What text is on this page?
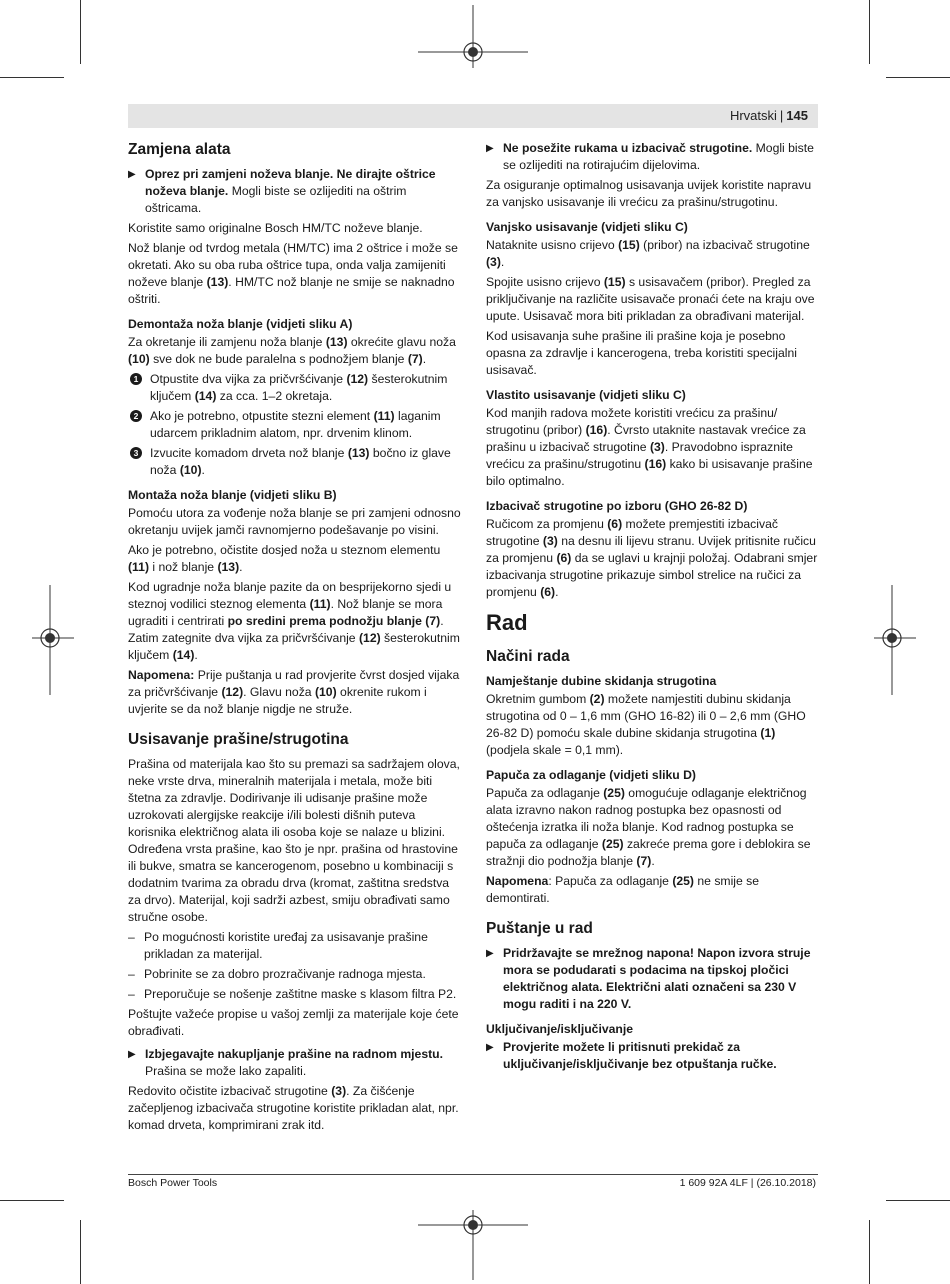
Hrvatski | 145
Zamjena alata

▶ Oprez pri zamjeni noževa blanje. Ne dirajte oštrice noževa blanje. Mogli biste se ozlijediti na oštrim oštricama.

Koristite samo originalne Bosch HM/TC noževe blanje.

Nož blanje od tvrdog metala (HM/TC) ima 2 oštrice i može se okretati. Ako su oba ruba oštrice tupa, onda valja zamijeniti noževe blanje (13). HM/TC nož blanje ne smije se naknadno oštriti.

Demontaža noža blanje (vidjeti sliku A)

Za okretanje ili zamjenu noža blanje (13) okrećite glavu noža (10) sve dok ne bude paralelna s podnožjem blanje (7).

1 Otpustite dva vijka za pričvršćivanje (12) šesterokutnim ključem (14) za cca. 1–2 okretaja.

2 Ako je potrebno, otpustite stezni element (11) laganim udarcem prikladnim alatom, npr. drvenim klinom.

3 Izvucite komadom drveta nož blanje (13) bočno iz glave noža (10).

Montaža noža blanje (vidjeti sliku B)

Pomoću utora za vođenje noža blanje se pri zamjeni odnosno okretanju uvijek jamči ravnomjerno podešavanje po visini.

Ako je potrebno, očistite dosjed noža u steznom elementu (11) i nož blanje (13).

Kod ugradnje noža blanje pazite da on besprijekorno sjedi u steznoj vodilici steznog elementa (11). Nož blanje se mora ugraditi i centrirati po sredini prema podnožju blanje (7). Zatim zategnite dva vijka za pričvršćivanje (12) šesterokutnim ključem (14).

Napomena: Prije puštanja u rad provjerite čvrst dosjed vijaka za pričvršćivanje (12). Glavu noža (10) okrenite rukom i uvjerite se da nož blanje nigdje ne struže.

Usisavanje prašine/strugotina

Prašina od materijala kao što su premazi sa sadržajem olova, neke vrste drva, mineralnih materijala i metala, može biti štetna za zdravlje. Dodirivanje ili udisanje prašine može uzrokovati alergijske reakcije i/ili bolesti dišnih puteva korisnika električnog alata ili osoba koje se nalaze u blizini. Određena vrsta prašine, kao što je npr. prašina od hrastovine ili bukve, smatra se kancerogenom, posebno u kombinaciji s dodatnim tvarima za obradu drva (kromat, zaštitna sredstva za drvo). Materijal, koji sadrži azbest, smiju obrađivati samo stručne osobe.

– Po mogućnosti koristite uređaj za usisavanje prašine prikladan za materijal.

– Pobrinite se za dobro prozračivanje radnoga mjesta.

– Preporučuje se nošenje zaštitne maske s klasom filtra P2.

Poštujte važeće propise u vašoj zemlji za materijale koje ćete obrađivati.

▶ Izbjegavajte nakupljanje prašine na radnom mjestu. Prašina se može lako zapaliti.

Redovito očistite izbacivač strugotine (3). Za čišćenje začepljenog izbacivača strugotine koristite prikladan alat, npr. komad drveta, komprimirani zrak itd.

▶ Ne posežite rukama u izbacivač strugotine. Mogli biste se ozlijediti na rotirajućim dijelovima.

Za osiguranje optimalnog usisavanja uvijek koristite napravu za vanjsko usisavanje ili vrećicu za prašinu/strugotinu.

Vanjsko usisavanje (vidjeti sliku C)

Nataknite usisno crijevo (15) (pribor) na izbacivač strugotine (3).

Spojite usisno crijevo (15) s usisavačem (pribor). Pregled za priključivanje na različite usisavače pronaći ćete na kraju ove upute. Usisavač mora biti prikladan za obrađivani materijal.

Kod usisavanja suhe prašine ili prašine koja je posebno opasna za zdravlje i kancerogena, treba koristiti specijalni usisavač.

Vlastito usisavanje (vidjeti sliku C)

Kod manjih radova možete koristiti vrećicu za prašinu/ strugotinu (pribor) (16). Čvrsto utaknite nastavak vrećice za prašinu u izbacivač strugotine (3). Pravodobno ispraznite vrećicu za prašinu/strugotinu (16) kako bi usisavanje prašine bilo optimalno.

Izbacivač strugotine po izboru (GHO 26-82 D)

Ručicom za promjenu (6) možete premjestiti izbacivač strugotine (3) na desnu ili lijevu stranu. Uvijek pritisnite ručicu za promjenu (6) da se uglavi u krajnji položaj. Odabrani smjer izbacivanja strugotine prikazuje simbol strelice na ručici za promjenu (6).

Rad
Načini rada
Namještanje dubine skidanja strugotina

Okretnim gumbom (2) možete namjestiti dubinu skidanja strugotina od 0 – 1,6 mm (GHO 16-82) ili 0 – 2,6 mm (GHO 26-82 D) pomoću skale dubine skidanja strugotina (1) (podjela skale = 0,1 mm).

Papuča za odlaganje (vidjeti sliku D)

Papuča za odlaganje (25) omogućuje odlaganje električnog alata izravno nakon radnog postupka bez opasnosti od oštećenja izratka ili noža blanje. Kod radnog postupka se papuča za odlaganje (25) zakreće prema gore i deblokira se stražnji dio podnožja blanje (7).

Napomena: Papuča za odlaganje (25) ne smije se demontirati.

Puštanje u rad

▶ Pridržavajte se mrežnog napona! Napon izvora struje mora se podudarati s podacima na tipskoj pločici električnog alata. Električni alati označeni sa 230 V mogu raditi i na 220 V.

Uključivanje/isključivanje

▶ Provjerite možete li pritisnuti prekidač za uključivanje/isključivanje bez otpuštanja ručke.

Bosch Power Tools	1 609 92A 4LF | (26.10.2018)
